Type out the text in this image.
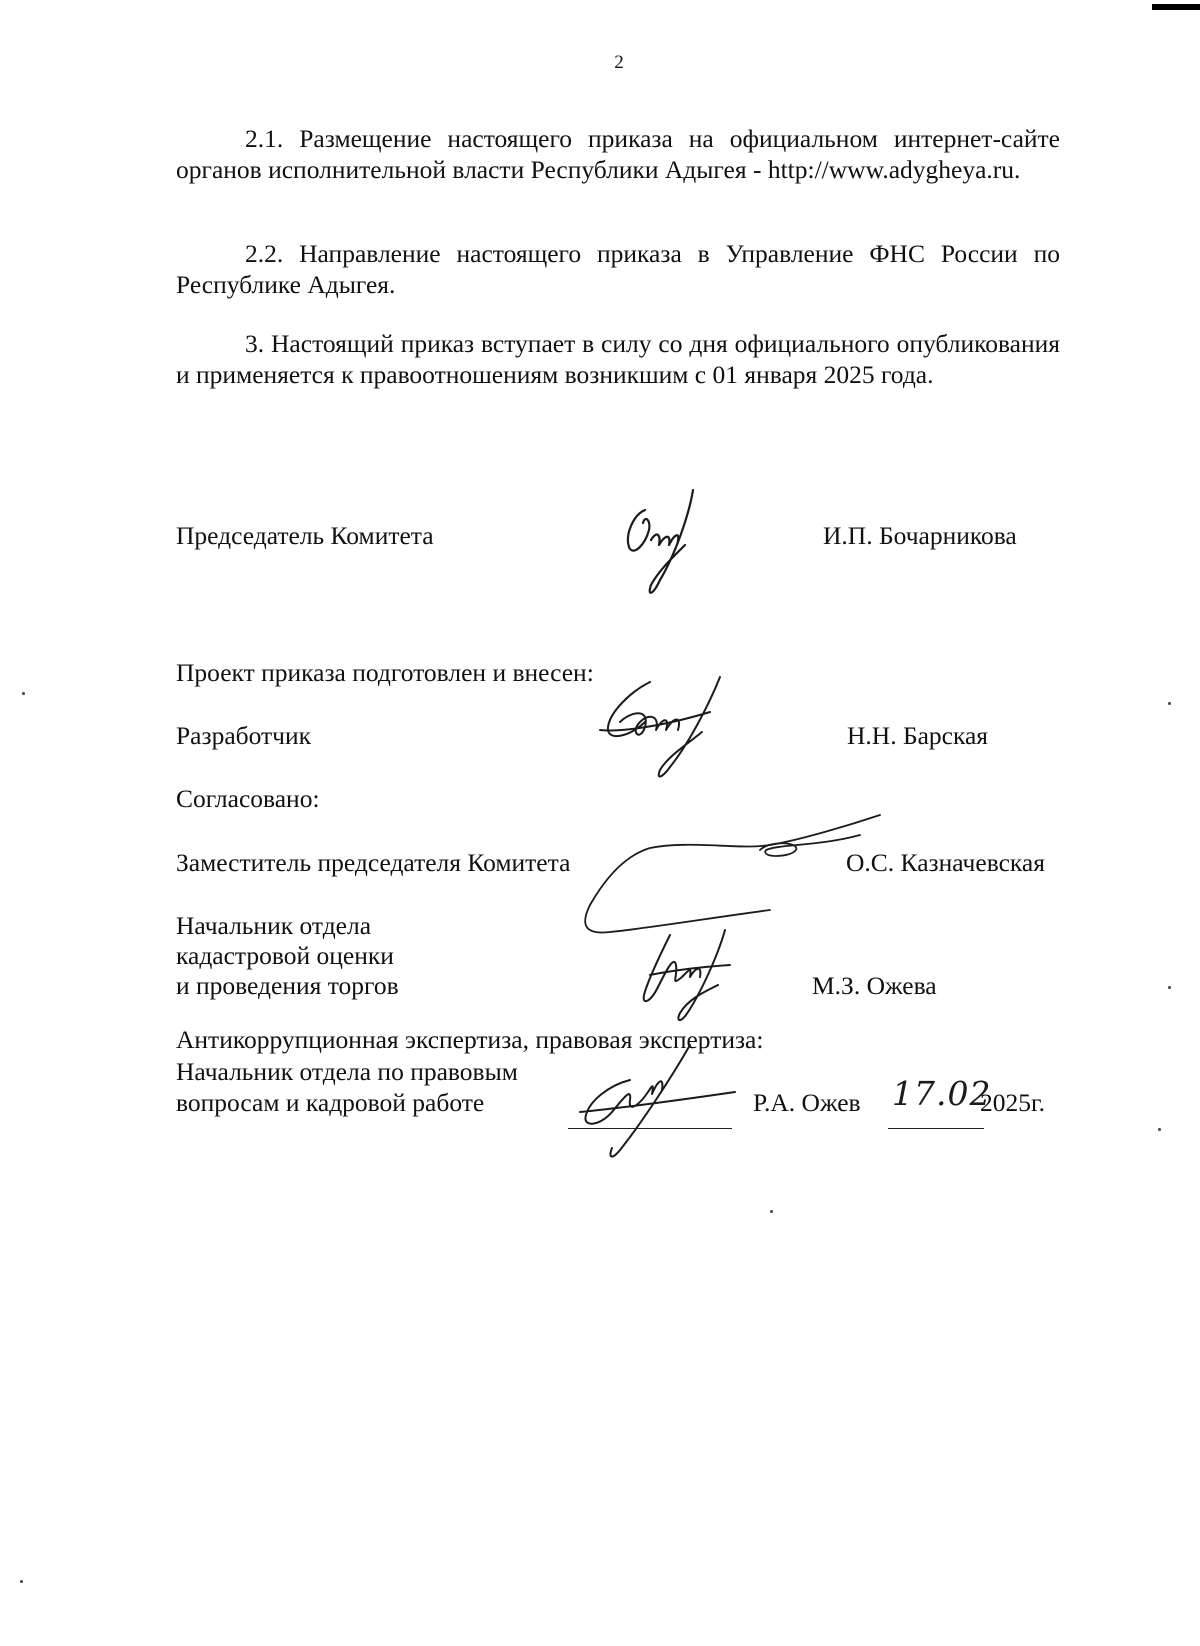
2

2.1. Размещение настоящего приказа на официальном интернет-сайте органов исполнительной власти Республики Адыгея - http://www.adygheya.ru.

2.2. Направление настоящего приказа в Управление ФНС России по Республике Адыгея.

3. Настоящий приказ вступает в силу со дня официального опубликования и применяется к правоотношениям возникшим с 01 января 2025 года.

Председатель Комитета	И.П. Бочарникова
Проект приказа подготовлен и внесен:
Разработчик	Н.Н. Барская
Согласовано:
Заместитель председателя Комитета	О.С. Казначевская
Начальник отдела
кадастровой оценки
и проведения торгов	М.З. Ожева
Антикоррупционная экспертиза, правовая экспертиза:
Начальник отдела по правовым
вопросам и кадровой работе	Р.А. Ожев 17.02
2025г.
